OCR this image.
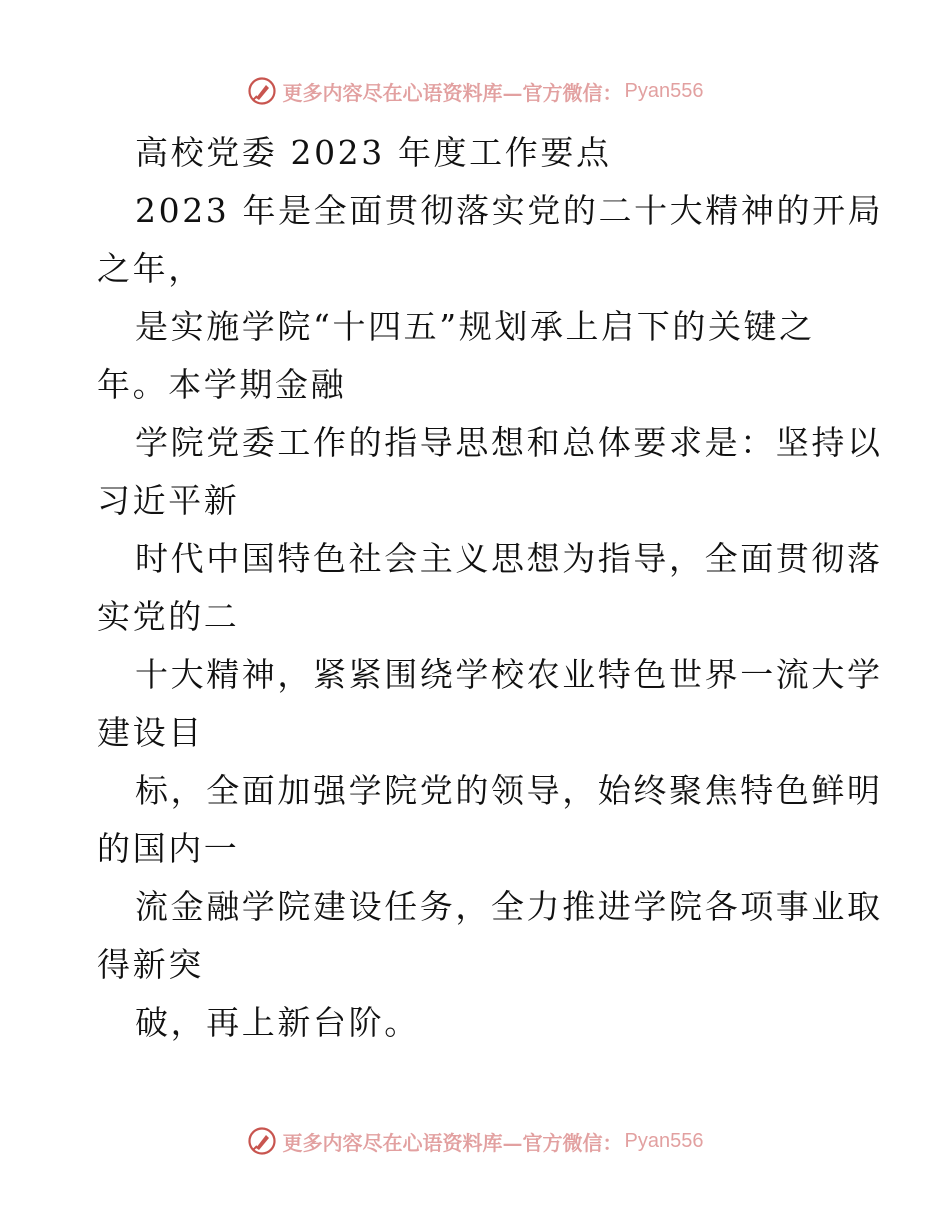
更多内容尽在心语资料库—官方微信： Pyan556
高校党委 2023 年度工作要点
2023 年是全面贯彻落实党的二十大精神的开局
之年，
是实施学院“十四五”规划承上启下的关键之
年。本学期金融
学院党委工作的指导思想和总体要求是：坚持以
习近平新
时代中国特色社会主义思想为指导，全面贯彻落
实党的二
十大精神，紧紧围绕学校农业特色世界一流大学
建设目
标，全面加强学院党的领导，始终聚焦特色鲜明
的国内一
流金融学院建设任务，全力推进学院各项事业取
得新突
破，再上新台阶。
更多内容尽在心语资料库—官方微信： Pyan556
